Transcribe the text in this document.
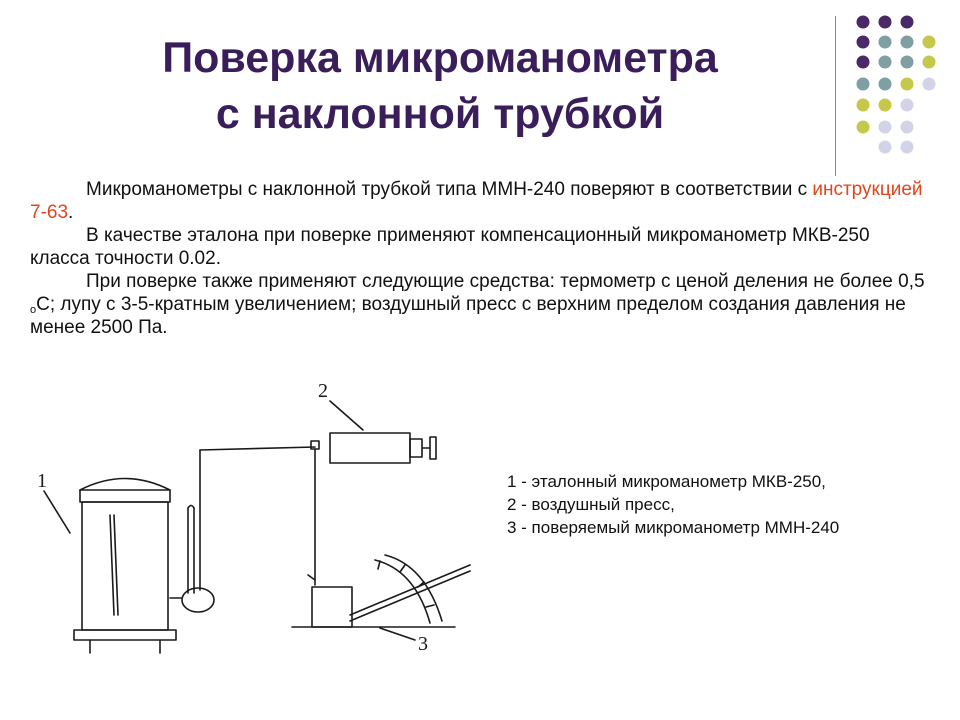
Поверка микроманометра
с наклонной трубкой

Микроманометры с наклонной трубкой типа ММН-240 поверяют в соответствии с инструкцией 7-63.

В качестве эталона при поверке применяют компенсационный микроманометр МКВ-250 класса точности 0.02.

При поверке также применяют следующие средства: термометр с ценой деления не более 0,5 $^о$С; лупу с 3-5-кратным увеличением; воздушный пресс с верхним пределом создания давления не менее 2500 Па.

1
2
3
1 - эталонный микроманометр МКВ-250,
2 - воздушный пресс,
3 - поверяемый микроманометр ММН-240
